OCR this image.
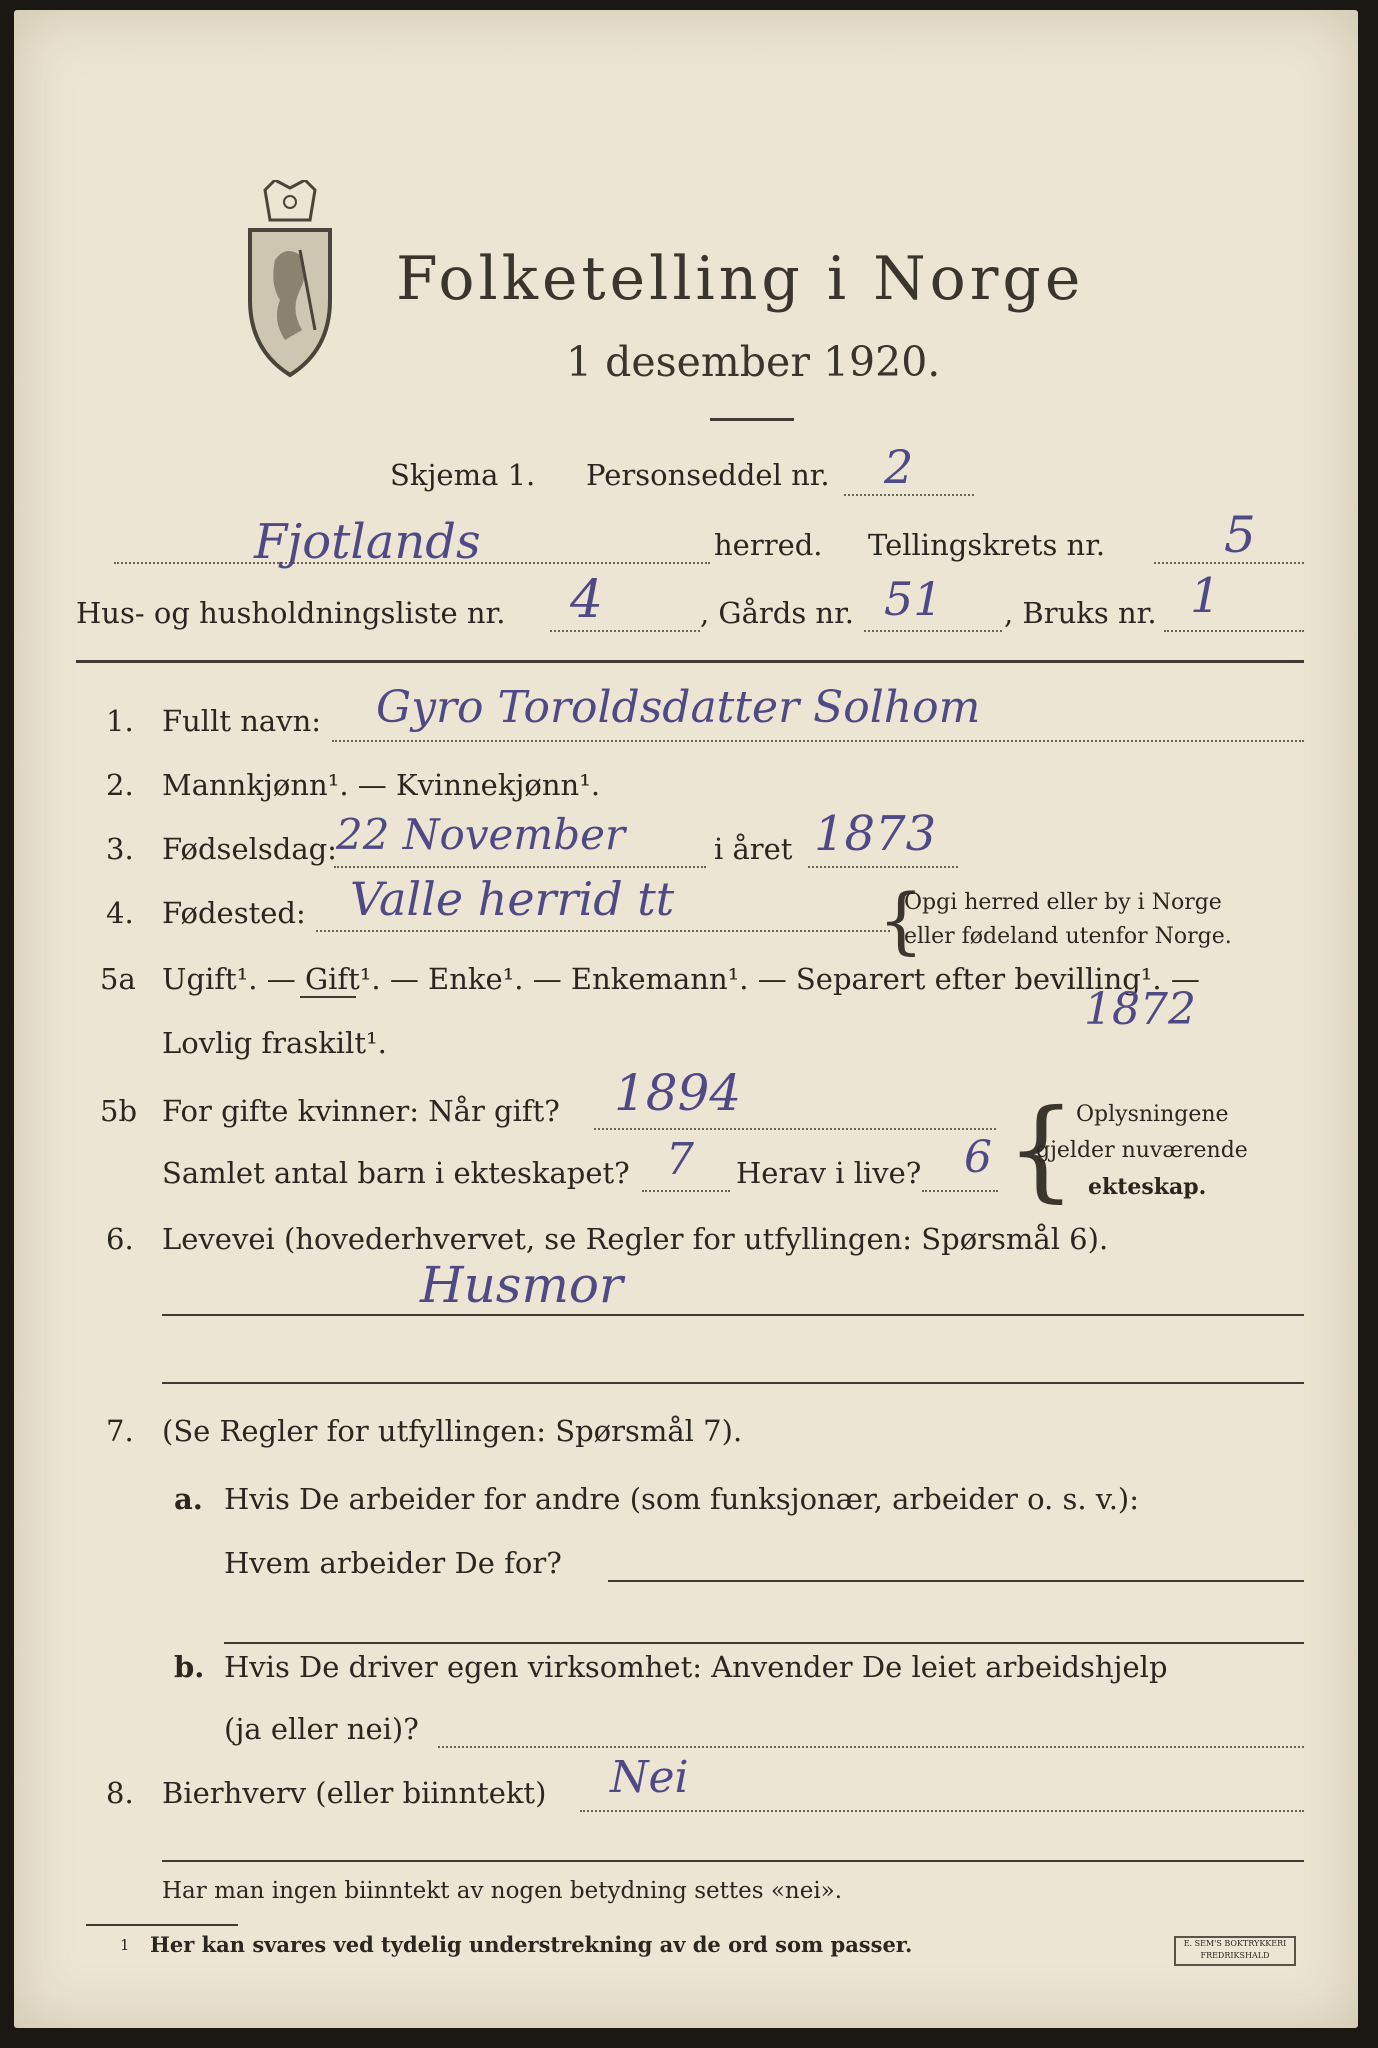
Folketelling i Norge
1 desember 1920.
Skjema 1. Personseddel nr. 2
Fjotlands	herred. Tellingskrets nr. 5
Hus- og husholdningsliste nr. 4	, Gårds nr. 51 , Bruks nr. 1
1. Fullt navn: Gyro Toroldsdatter Solhom
2. Mannkjønn¹. — Kvinnekjønn¹.
3. Fødselsdag: 22 November	i året 1873
4. Fødested: Valle herrid tt	{
Opgi herred eller by i Norge
eller fødeland utenfor Norge.
5a Ugift¹. — Gift¹. — Enke¹. — Enkemann¹. — Separert efter bevilling¹. —
Lovlig fraskilt¹.
1872
5b For gifte kvinner: Når gift? 1894
Samlet antal barn i ekteskapet? 7 Herav i live? 6 { Oplysningene
gjelder nuværende
ekteskap.
6. Levevei (hovederhvervet, se Regler for utfyllingen: Spørsmål 6).
Husmor
7. (Se Regler for utfyllingen: Spørsmål 7).
a. Hvis De arbeider for andre (som funksjonær, arbeider o. s. v.):
Hvem arbeider De for?
b. Hvis De driver egen virksomhet: Anvender De leiet arbeidshjelp
(ja eller nei)?
8. Bierhverv (eller biinntekt) Nei
Har man ingen biinntekt av nogen betydning settes «nei».
1 Her kan svares ved tydelig understrekning av de ord som passer.	E. SEM'S BOKTRYKKERI FREDRIKSHALD
